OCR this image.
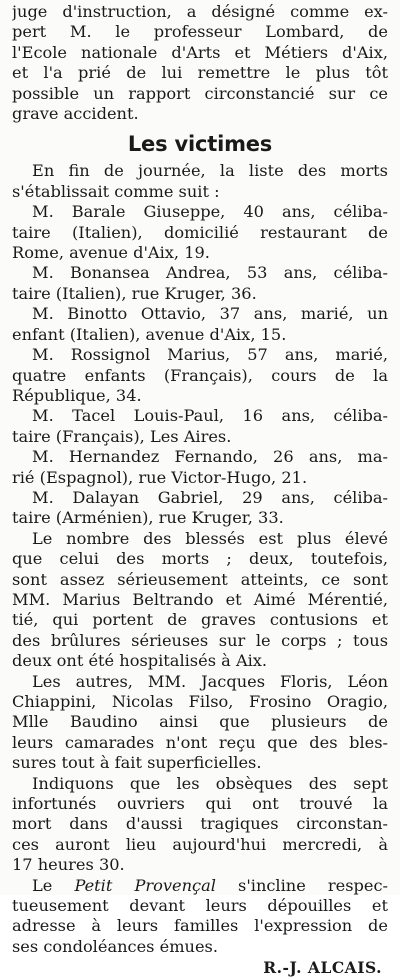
juge d'instruction, a désigné comme ex-
pert M. le professeur Lombard, de
l'Ecole nationale d'Arts et Métiers d'Aix,
et l'a prié de lui remettre le plus tôt
possible un rapport circonstancié sur ce
grave accident.
Les victimes
En fin de journée, la liste des morts
s'établissait comme suit :
M. Barale Giuseppe, 40 ans, céliba-
taire (Italien), domicilié restaurant de
Rome, avenue d'Aix, 19.
M. Bonansea Andrea, 53 ans, céliba-
taire (Italien), rue Kruger, 36.
M. Binotto Ottavio, 37 ans, marié, un
enfant (Italien), avenue d'Aix, 15.
M. Rossignol Marius, 57 ans, marié,
quatre enfants (Français), cours de la
République, 34.
M. Tacel Louis-Paul, 16 ans, céliba-
taire (Français), Les Aires.
M. Hernandez Fernando, 26 ans, ma-
rié (Espagnol), rue Victor-Hugo, 21.
M. Dalayan Gabriel, 29 ans, céliba-
taire (Arménien), rue Kruger, 33.
Le nombre des blessés est plus élevé
que celui des morts ; deux, toutefois,
sont assez sérieusement atteints, ce sont
MM. Marius Beltrando et Aimé Mérentié,
tié, qui portent de graves contusions et
des brûlures sérieuses sur le corps ; tous
deux ont été hospitalisés à Aix.
Les autres, MM. Jacques Floris, Léon
Chiappini, Nicolas Filso, Frosino Oragio,
Mlle Baudino ainsi que plusieurs de
leurs camarades n'ont reçu que des bles-
sures tout à fait superficielles.
Indiquons que les obsèques des sept
infortunés ouvriers qui ont trouvé la
mort dans d'aussi tragiques circonstan-
ces auront lieu aujourd'hui mercredi, à
17 heures 30.
Le Petit Provençal s'incline respec-
tueusement devant leurs dépouilles et
adresse à leurs familles l'expression de
ses condoléances émues.
R.-J. ALCAIS.
